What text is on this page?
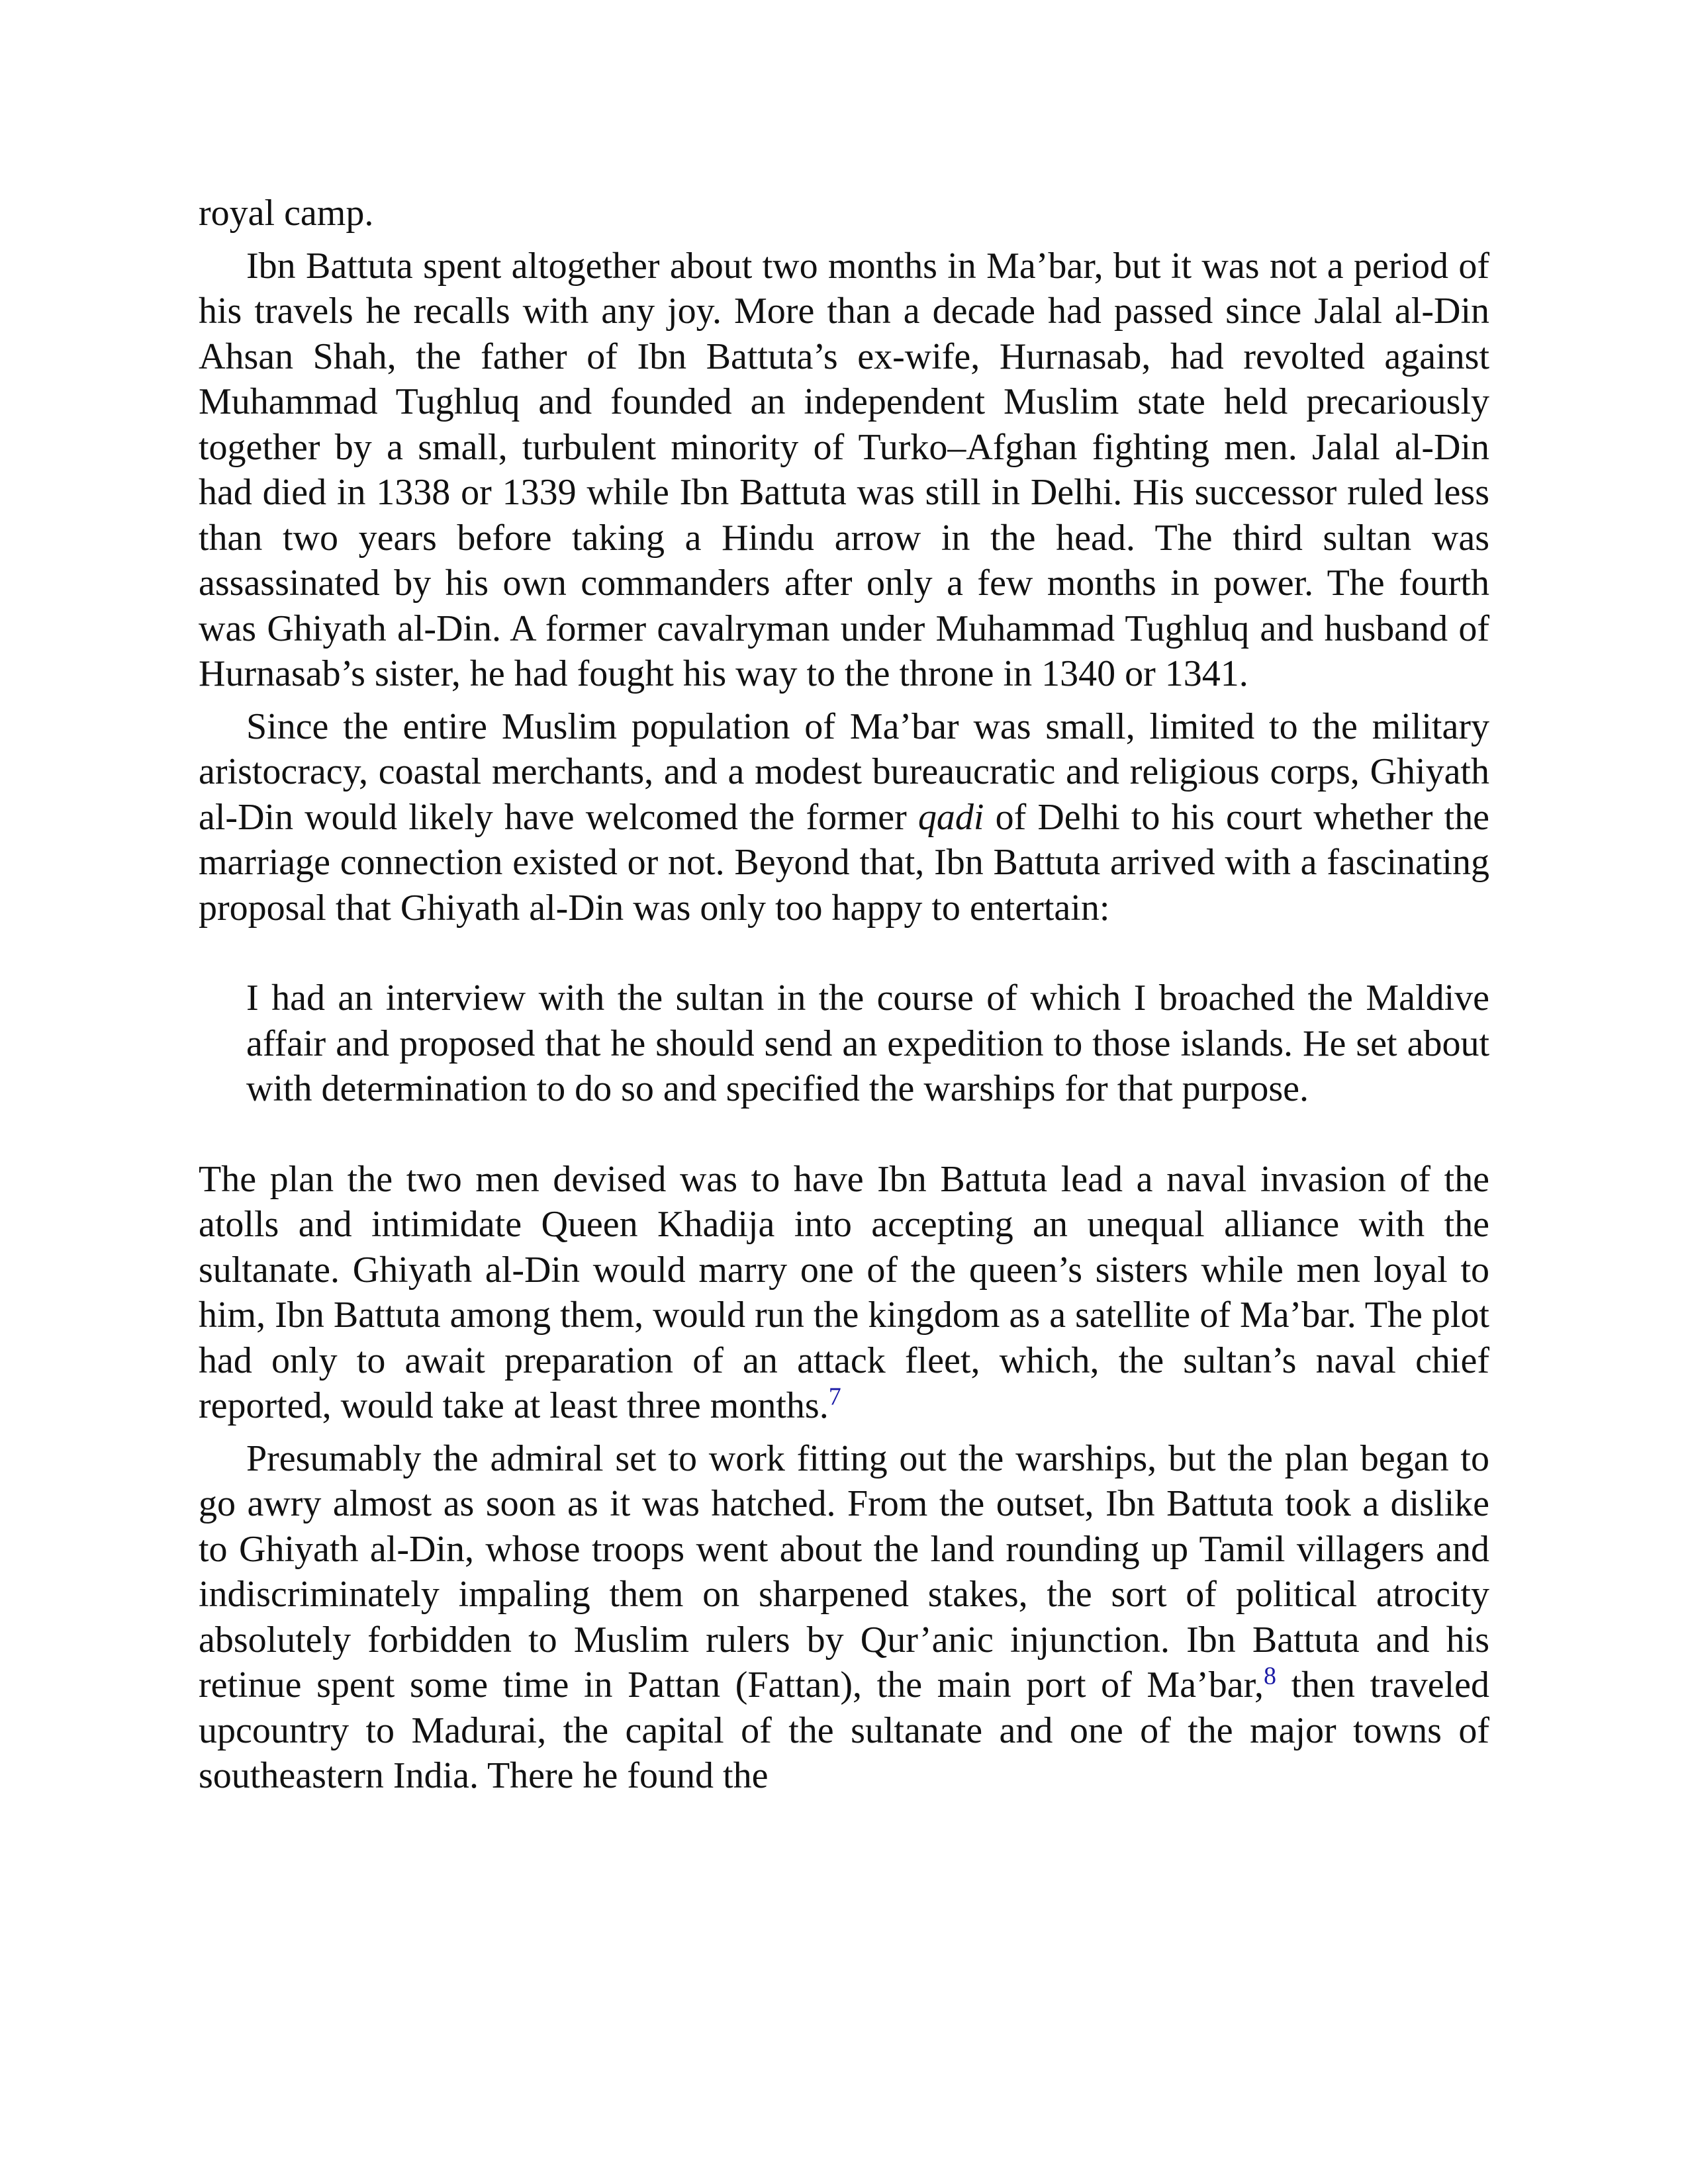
royal camp.

Ibn Battuta spent altogether about two months in Ma’bar, but it was not a period of his travels he recalls with any joy. More than a decade had passed since Jalal al-Din Ahsan Shah, the father of Ibn Battuta’s ex-wife, Hurnasab, had revolted against Muhammad Tughluq and founded an independent Muslim state held precariously together by a small, turbulent minority of Turko–Afghan fighting men. Jalal al-Din had died in 1338 or 1339 while Ibn Battuta was still in Delhi. His successor ruled less than two years before taking a Hindu arrow in the head. The third sultan was assassinated by his own commanders after only a few months in power. The fourth was Ghiyath al-Din. A former cavalryman under Muhammad Tughluq and husband of Hurnasab’s sister, he had fought his way to the throne in 1340 or 1341.

Since the entire Muslim population of Ma’bar was small, limited to the military aristocracy, coastal merchants, and a modest bureaucratic and religious corps, Ghiyath al-Din would likely have welcomed the former qadi of Delhi to his court whether the marriage connection existed or not. Beyond that, Ibn Battuta arrived with a fascinating proposal that Ghiyath al-Din was only too happy to entertain:

I had an interview with the sultan in the course of which I broached the Maldive affair and proposed that he should send an expedition to those islands. He set about with determination to do so and specified the warships for that purpose.

The plan the two men devised was to have Ibn Battuta lead a naval invasion of the atolls and intimidate Queen Khadija into accepting an unequal alliance with the sultanate. Ghiyath al-Din would marry one of the queen’s sisters while men loyal to him, Ibn Battuta among them, would run the kingdom as a satellite of Ma’bar. The plot had only to await preparation of an attack fleet, which, the sultan’s naval chief reported, would take at least three months.$^7$

Presumably the admiral set to work fitting out the warships, but the plan began to go awry almost as soon as it was hatched. From the outset, Ibn Battuta took a dislike to Ghiyath al-Din, whose troops went about the land rounding up Tamil villagers and indiscriminately impaling them on sharpened stakes, the sort of political atrocity absolutely forbidden to Muslim rulers by Qur’anic injunction. Ibn Battuta and his retinue spent some time in Pattan (Fattan), the main port of Ma’bar,$^8$ then traveled upcountry to Madurai, the capital of the sultanate and one of the major towns of southeastern India. There he found the
